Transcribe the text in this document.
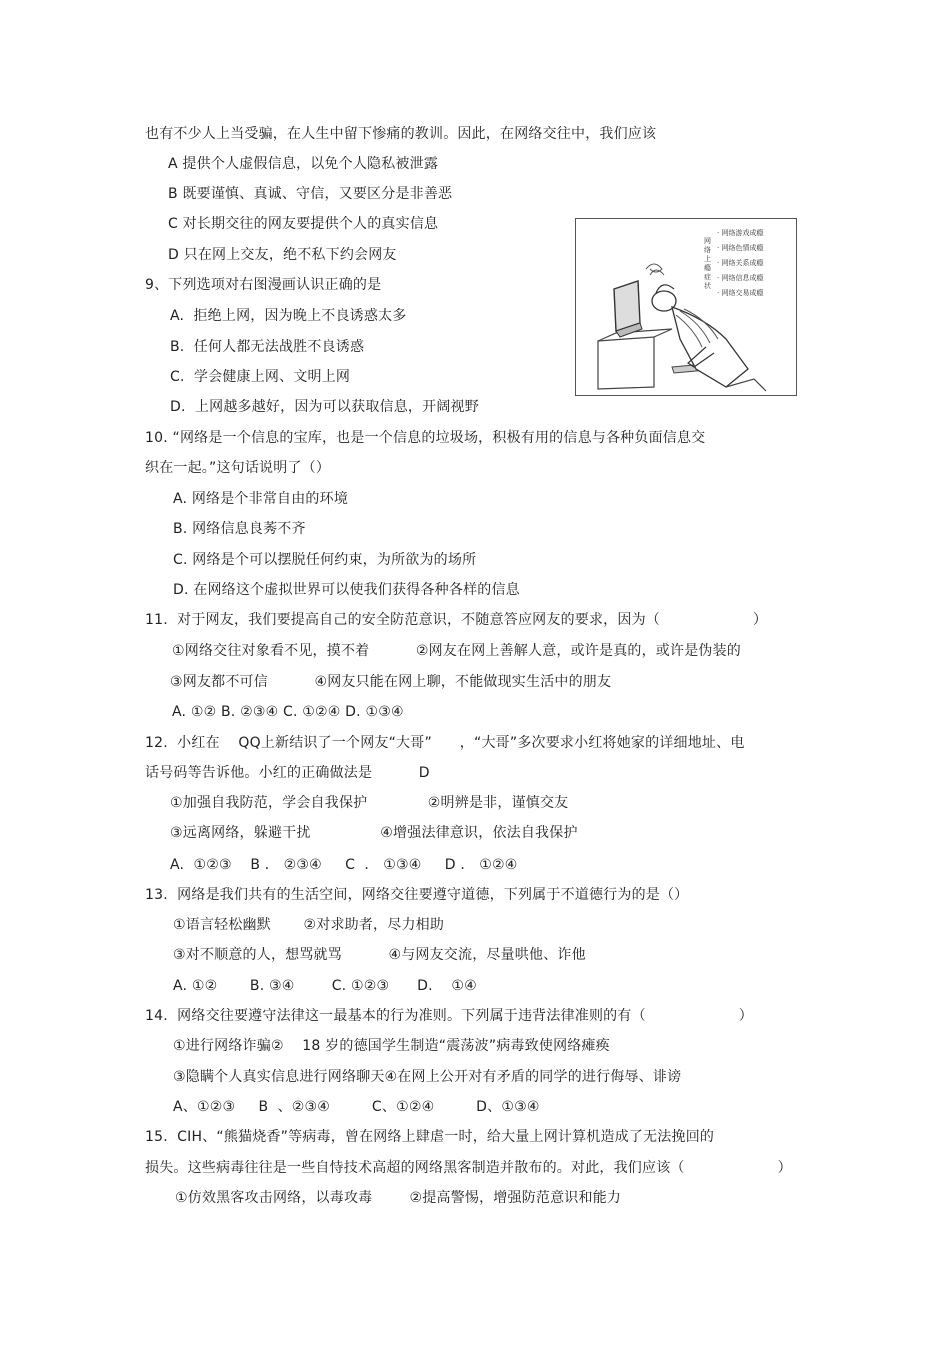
也有不少人上当受骗，在人生中留下惨痛的教训。因此，在网络交往中，我们应该
A 提供个人虚假信息，以免个人隐私被泄露
B 既要谨慎、真诚、守信，又要区分是非善恶
C 对长期交往的网友要提供个人的真实信息
D 只在网上交友，绝不私下约会网友
9、下列选项对右图漫画认识正确的是
A.  拒绝上网，因为晚上不良诱惑太多
B.  任何人都无法战胜不良诱惑
C.  学会健康上网、文明上网
D.  上网越多越好，因为可以获取信息，开阔视野
10. “网络是一个信息的宝库，也是一个信息的垃圾场，积极有用的信息与各种负面信息交
织在一起。”这句话说明了（）
A. 网络是个非常自由的环境
B. 网络信息良莠不齐
C. 网络是个可以摆脱任何约束，为所欲为的场所
D. 在网络这个虚拟世界可以使我们获得各种各样的信息
11.  对于网友，我们要提高自己的安全防范意识，不随意答应网友的要求，因为（                    ）
①网络交往对象看不见，摸不着          ②网友在网上善解人意，或许是真的，或许是伪装的
③网友都不可信          ④网友只能在网上聊，不能做现实生活中的朋友
A. ①② B. ②③④ C. ①②④ D. ①③④
12.  小红在    QQ上新结识了一个网友“大哥”      ，“大哥”多次要求小红将她家的详细地址、电
话号码等告诉他。小红的正确做法是          D
①加强自我防范，学会自我保护             ②明辨是非，谨慎交友
③远离网络，躲避干扰               ④增强法律意识，依法自我保护
A.  ①②③    B ． ②③④     C  ． ①③④     D ． ①②④
13.  网络是我们共有的生活空间，网络交往要遵守道德，下列属于不道德行为的是（）
①语言轻松幽默       ②对求助者，尽力相助
③对不顺意的人，想骂就骂          ④与网友交流，尽量哄他、诈他
A. ①②       B. ③④        C. ①②③      D.    ①④
14.  网络交往要遵守法律这一最基本的行为准则。下列属于违背法律准则的有（                    ）
①进行网络诈骗②    18 岁的德国学生制造“震荡波”病毒致使网络瘫痪
③隐瞒个人真实信息进行网络聊天④在网上公开对有矛盾的同学的进行侮辱、诽谤
A、①②③     B  、②③④         C、①②④         D、①③④
15.  CIH、“熊猫烧香”等病毒，曾在网络上肆虐一时，给大量上网计算机造成了无法挽回的
损失。这些病毒往往是一些自恃技术高超的网络黑客制造并散布的。对此，我们应该（                    ）
①仿效黑客攻击网络，以毒攻毒        ②提高警惕，增强防范意识和能力
网络上瘾症状
· 网络游戏成瘾
· 网络色情成瘾
· 网络关系成瘾
· 网络信息成瘾
· 网络交易成瘾
